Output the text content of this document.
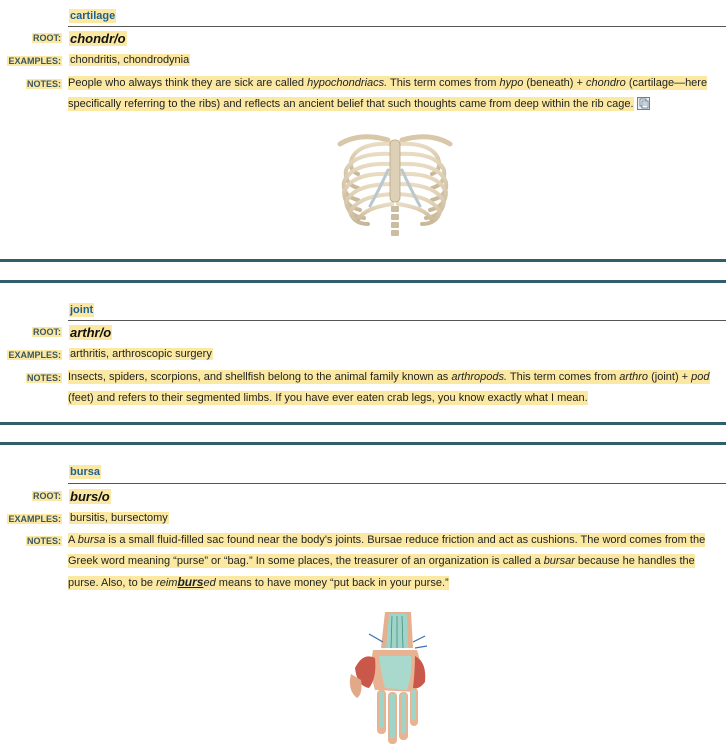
cartilage
ROOT: chondr/o
EXAMPLES: chondritis, chondrodynia
NOTES: People who always think they are sick are called hypochondriacs. This term comes from hypo (beneath) + chondro (cartilage—here specifically referring to the ribs) and reflects an ancient belief that such thoughts came from deep within the rib cage.
joint
ROOT: arthr/o
EXAMPLES: arthritis, arthroscopic surgery
NOTES: Insects, spiders, scorpions, and shellfish belong to the animal family known as arthropods. This term comes from arthro (joint) + pod (feet) and refers to their segmented limbs. If you have ever eaten crab legs, you know exactly what I mean.
bursa
ROOT: burs/o
EXAMPLES: bursitis, bursectomy
NOTES: A bursa is a small fluid-filled sac found near the body's joints. Bursae reduce friction and act as cushions. The word comes from the Greek word meaning “purse” or “bag.” In some places, the treasurer of an organization is called a bursar because he handles the purse. Also, to be reimbursed means to have money “put back in your purse.”
